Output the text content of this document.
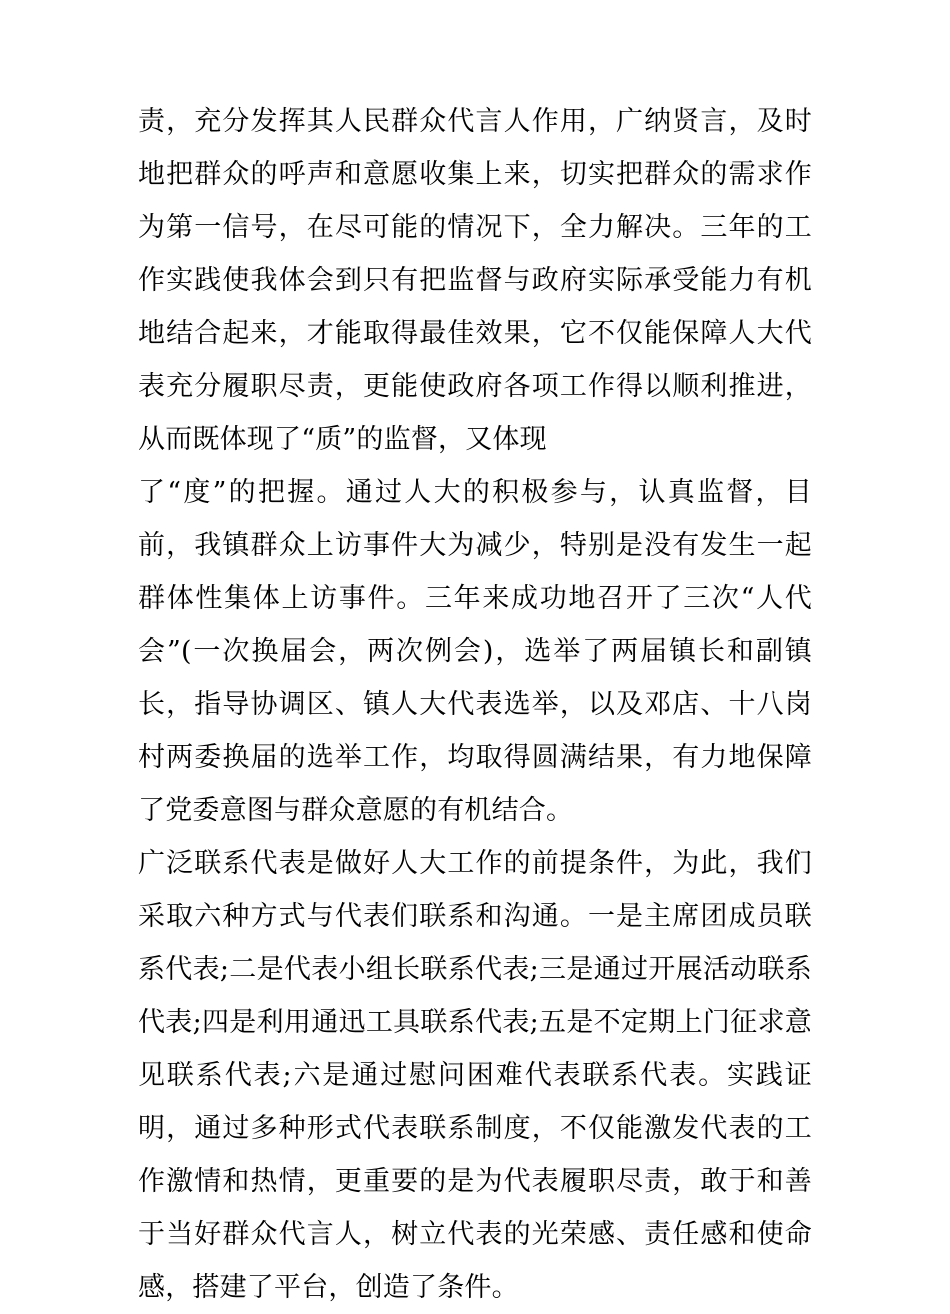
责，充分发挥其人民群众代言人作用，广纳贤言，及时地把群众的呼声和意愿收集上来，切实把群众的需求作为第一信号，在尽可能的情况下，全力解决。三年的工作实践使我体会到只有把监督与政府实际承受能力有机地结合起来，才能取得最佳效果，它不仅能保障人大代表充分履职尽责，更能使政府各项工作得以顺利推进，从而既体现了“质”的监督，又体现

了“度”的把握。通过人大的积极参与，认真监督，目前，我镇群众上访事件大为减少，特别是没有发生一起群体性集体上访事件。三年来成功地召开了三次“人代会”(一次换届会，两次例会)，选举了两届镇长和副镇长，指导协调区、镇人大代表选举，以及邓店、十八岗村两委换届的选举工作，均取得圆满结果，有力地保障了党委意图与群众意愿的有机结合。

广泛联系代表是做好人大工作的前提条件，为此，我们采取六种方式与代表们联系和沟通。一是主席团成员联系代表;二是代表小组长联系代表;三是通过开展活动联系代表;四是利用通迅工具联系代表;五是不定期上门征求意见联系代表;六是通过慰问困难代表联系代表。实践证明，通过多种形式代表联系制度，不仅能激发代表的工作激情和热情，更重要的是为代表履职尽责，敢于和善于当好群众代言人，树立代表的光荣感、责任感和使命感，搭建了平台，创造了条件。
